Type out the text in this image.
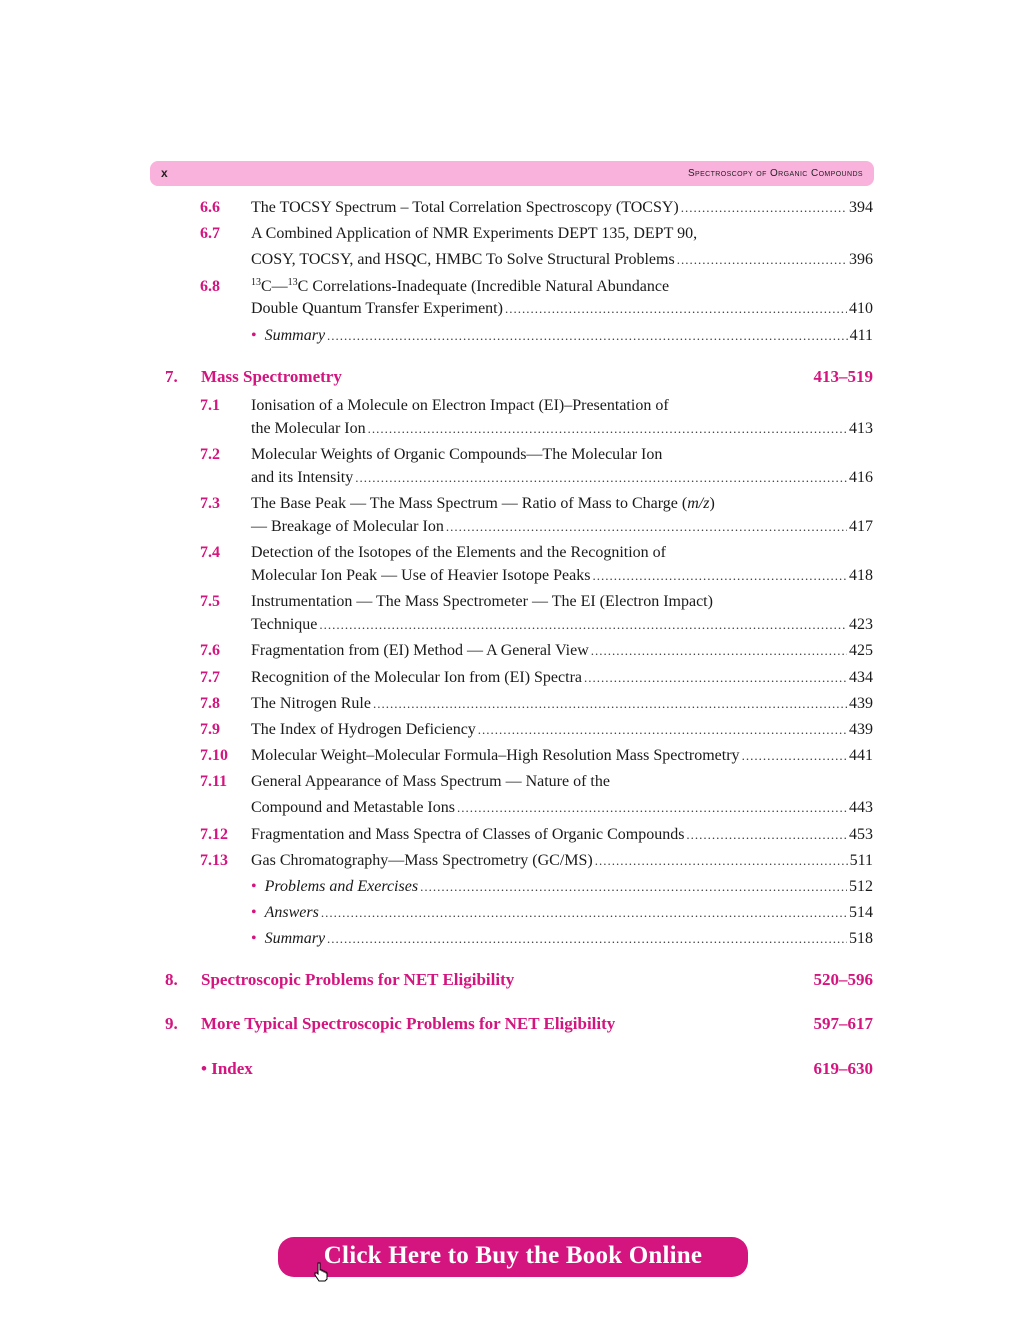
x	Spectroscopy of Organic Compounds
6.6 The TOCSY Spectrum – Total Correlation Spectroscopy (TOCSY) .....	394
6.7 A Combined Application of NMR Experiments DEPT 135, DEPT 90,
COSY, TOCSY, and HSQC, HMBC To Solve Structural Problems .....	396
6.8	$^{13}$C—$^{13}$C Correlations-Inadequate (Incredible Natural Abundance
Double Quantum Transfer Experiment) .....	410
• Summary .....	411
7. Mass Spectrometry	413–519
7.1 Ionisation of a Molecule on Electron Impact (EI)–Presentation of
the Molecular Ion .....	413
7.2 Molecular Weights of Organic Compounds—The Molecular Ion
and its Intensity .....	416
7.3 The Base Peak — The Mass Spectrum — Ratio of Mass to Charge (m/z)
— Breakage of Molecular Ion .....	417
7.4 Detection of the Isotopes of the Elements and the Recognition of
Molecular Ion Peak — Use of Heavier Isotope Peaks .....	418
7.5 Instrumentation — The Mass Spectrometer — The EI (Electron Impact)
Technique .....	423
7.6 Fragmentation from (EI) Method — A General View .....	425
7.7 Recognition of the Molecular Ion from (EI) Spectra .....	434
7.8 The Nitrogen Rule .....	439
7.9 The Index of Hydrogen Deficiency .....	439
7.10 Molecular Weight–Molecular Formula–High Resolution Mass Spectrometry .....	441
7.11 General Appearance of Mass Spectrum — Nature of the
Compound and Metastable Ions .....	443
7.12 Fragmentation and Mass Spectra of Classes of Organic Compounds .....	453
7.13 Gas Chromatography—Mass Spectrometry (GC/MS) .....	511
• Problems and Exercises .....	512
• Answers .....	514
• Summary .....	518
8. Spectroscopic Problems for NET Eligibility	520–596
9. More Typical Spectroscopic Problems for NET Eligibility	597–617
• Index	619–630
Click Here to Buy the Book Online
